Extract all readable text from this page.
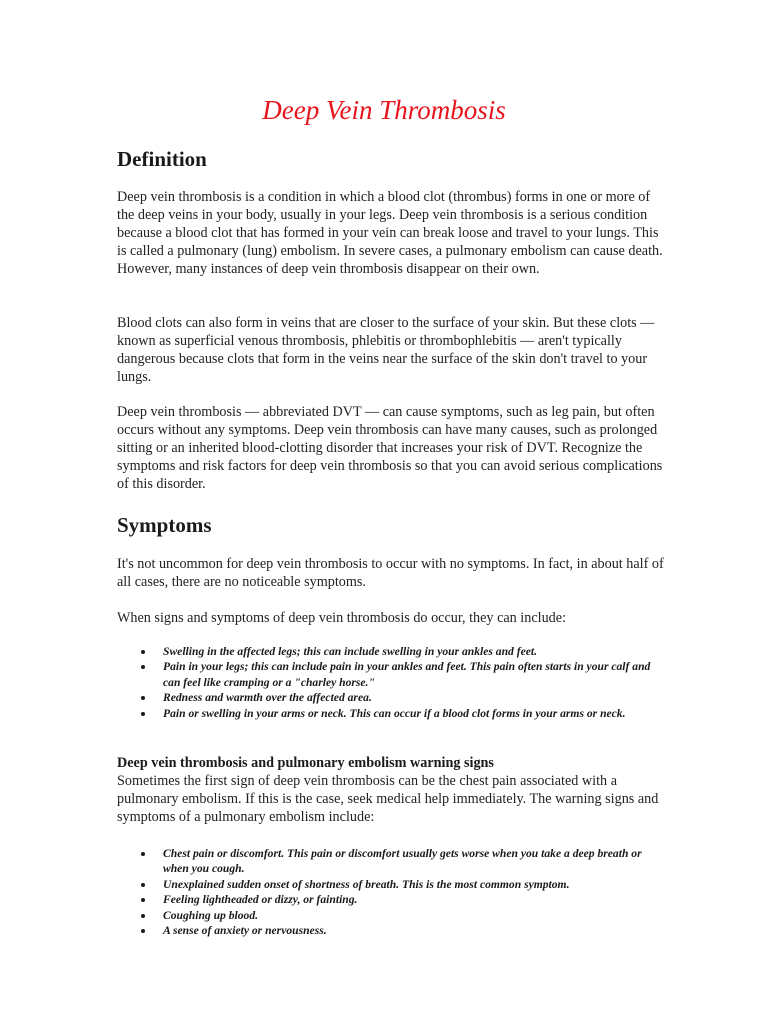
Deep Vein Thrombosis
Definition

Deep vein thrombosis is a condition in which a blood clot (thrombus) forms in one or more of the deep veins in your body, usually in your legs. Deep vein thrombosis is a serious condition because a blood clot that has formed in your vein can break loose and travel to your lungs. This is called a pulmonary (lung) embolism. In severe cases, a pulmonary embolism can cause death. However, many instances of deep vein thrombosis disappear on their own.

Blood clots can also form in veins that are closer to the surface of your skin. But these clots — known as superficial venous thrombosis, phlebitis or thrombophlebitis — aren't typically dangerous because clots that form in the veins near the surface of the skin don't travel to your lungs.

Deep vein thrombosis — abbreviated DVT — can cause symptoms, such as leg pain, but often occurs without any symptoms. Deep vein thrombosis can have many causes, such as prolonged sitting or an inherited blood-clotting disorder that increases your risk of DVT. Recognize the symptoms and risk factors for deep vein thrombosis so that you can avoid serious complications of this disorder.

Symptoms

It's not uncommon for deep vein thrombosis to occur with no symptoms. In fact, in about half of all cases, there are no noticeable symptoms.

When signs and symptoms of deep vein thrombosis do occur, they can include:

Swelling in the affected legs; this can include swelling in your ankles and feet.
Pain in your legs; this can include pain in your ankles and feet. This pain often starts in your calf and can feel like cramping or a "charley horse."
Redness and warmth over the affected area.
Pain or swelling in your arms or neck. This can occur if a blood clot forms in your arms or neck.
Deep vein thrombosis and pulmonary embolism warning signs

Sometimes the first sign of deep vein thrombosis can be the chest pain associated with a pulmonary embolism. If this is the case, seek medical help immediately. The warning signs and symptoms of a pulmonary embolism include:

Chest pain or discomfort. This pain or discomfort usually gets worse when you take a deep breath or when you cough.
Unexplained sudden onset of shortness of breath. This is the most common symptom.
Feeling lightheaded or dizzy, or fainting.
Coughing up blood.
A sense of anxiety or nervousness.
